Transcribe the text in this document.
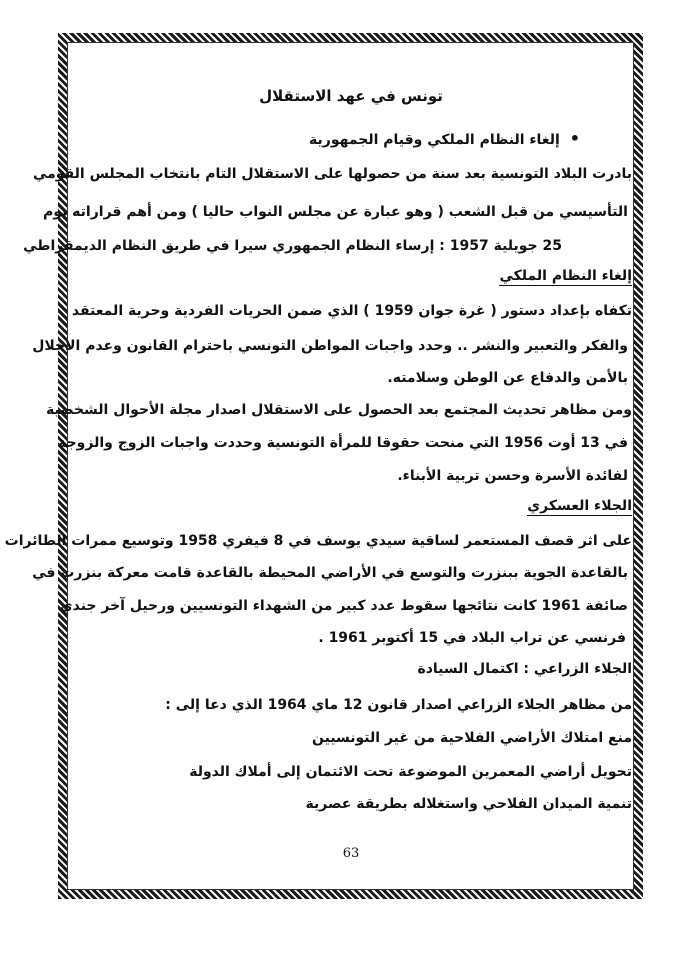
تونس في عهد الاستقلال
• إلغاء النظام الملكي وقيام الجمهورية
بادرت البلاد التونسية بعد سنة من حصولها على الاستقلال التام بانتخاب المجلس القومي
التأسيسي من قبل الشعب ( وهو عبارة عن مجلس النواب حاليا ) ومن أهم قراراته يوم
25 جويلية 1957 : إرساء النظام الجمهوري سيرا في طريق النظام الديمقراطي
إلغاء النظام الملكي
تكفاه بإعداد دستور ( غرة جوان 1959 ) الذي ضمن الحريات الفردية وحرية المعتقد
والفكر والتعبير والنشر .. وحدد واجبات المواطن التونسي باحترام القانون وعدم الاخلال
بالأمن والدفاع عن الوطن وسلامته.
ومن مظاهر تحديث المجتمع بعد الحصول على الاستقلال اصدار مجلة الأحوال الشخصية
في 13 أوت 1956 التي منحت حقوقا للمرأة التونسية وحددت واجبات الزوج والزوجة
لفائدة الأسرة وحسن تربية الأبناء.
الجلاء العسكري
على اثر قصف المستعمر لساقية سيدي يوسف في 8 فيفري 1958 وتوسيع ممرات الطائرات
بالقاعدة الجوية ببنزرت والتوسع في الأراضي المحيطة بالقاعدة قامت معركة بنزرت في
صائفة 1961 كانت نتائجها سقوط عدد كبير من الشهداء التونسيين ورحيل آخر جندي
فرنسي عن تراب البلاد في 15 أكتوبر 1961 .
الجلاء الزراعي : اكتمال السيادة
من مظاهر الجلاء الزراعي اصدار قانون 12 ماي 1964 الذي دعا إلى :
منع امتلاك الأراضي الفلاحية من غير التونسيين
تحويل أراضي المعمرين الموضوعة تحت الائتمان إلى أملاك الدولة
تنمية الميدان الفلاحي واستغلاله بطريقة عصرية
63
